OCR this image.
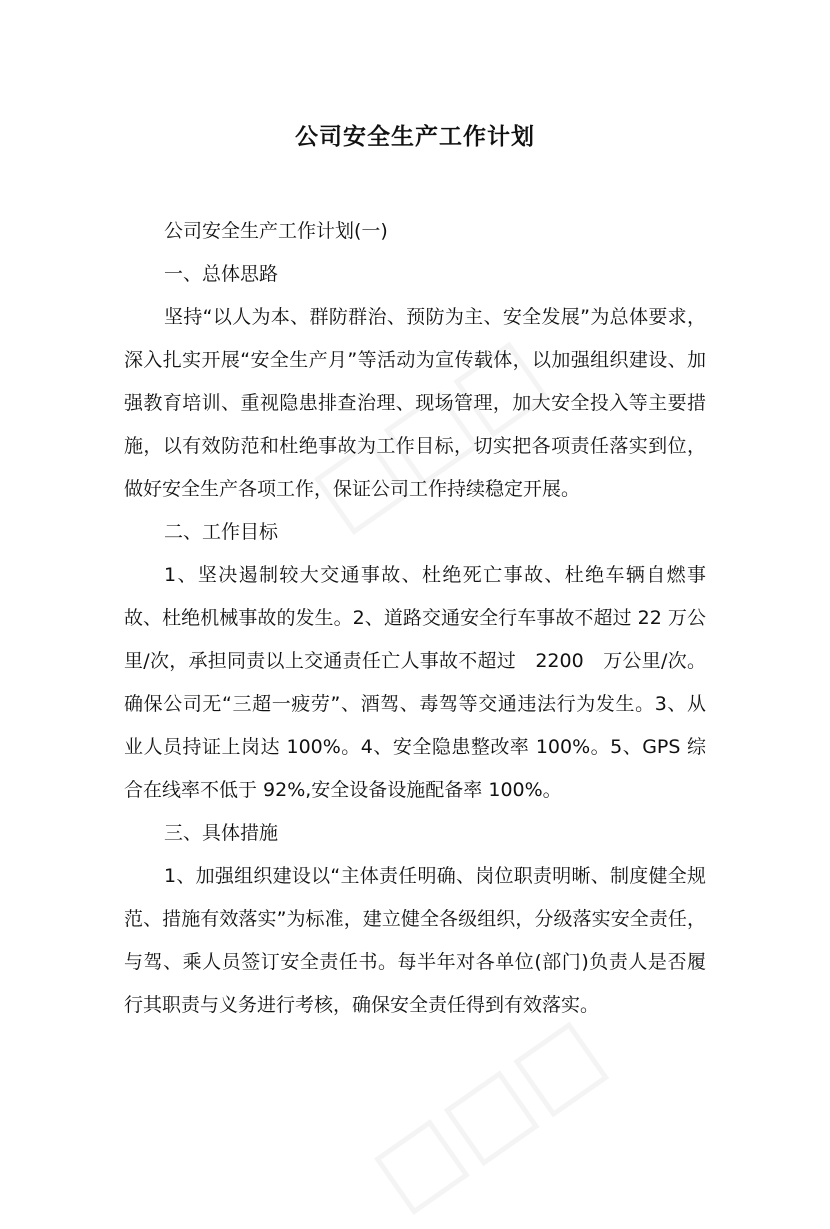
公司安全生产工作计划

公司安全生产工作计划(一)

一、总体思路

坚持“以人为本、群防群治、预防为主、安全发展”为总体要求，深入扎实开展“安全生产月”等活动为宣传载体，以加强组织建设、加强教育培训、重视隐患排查治理、现场管理，加大安全投入等主要措施，以有效防范和杜绝事故为工作目标，切实把各项责任落实到位，做好安全生产各项工作，保证公司工作持续稳定开展。

二、工作目标

1、坚决遏制较大交通事故、杜绝死亡事故、杜绝车辆自燃事故、杜绝机械事故的发生。2、道路交通安全行车事故不超过 22 万公里/次，承担同责以上交通责任亡人事故不超过　2200　万公里/次。确保公司无“三超一疲劳”、酒驾、毒驾等交通违法行为发生。3、从业人员持证上岗达 100%。4、安全隐患整改率 100%。5、GPS 综合在线率不低于 92%,安全设备设施配备率 100%。

三、具体措施

1、加强组织建设以“主体责任明确、岗位职责明晰、制度健全规范、措施有效落实”为标准，建立健全各级组织，分级落实安全责任，与驾、乘人员签订安全责任书。每半年对各单位(部门)负责人是否履行其职责与义务进行考核，确保安全责任得到有效落实。
